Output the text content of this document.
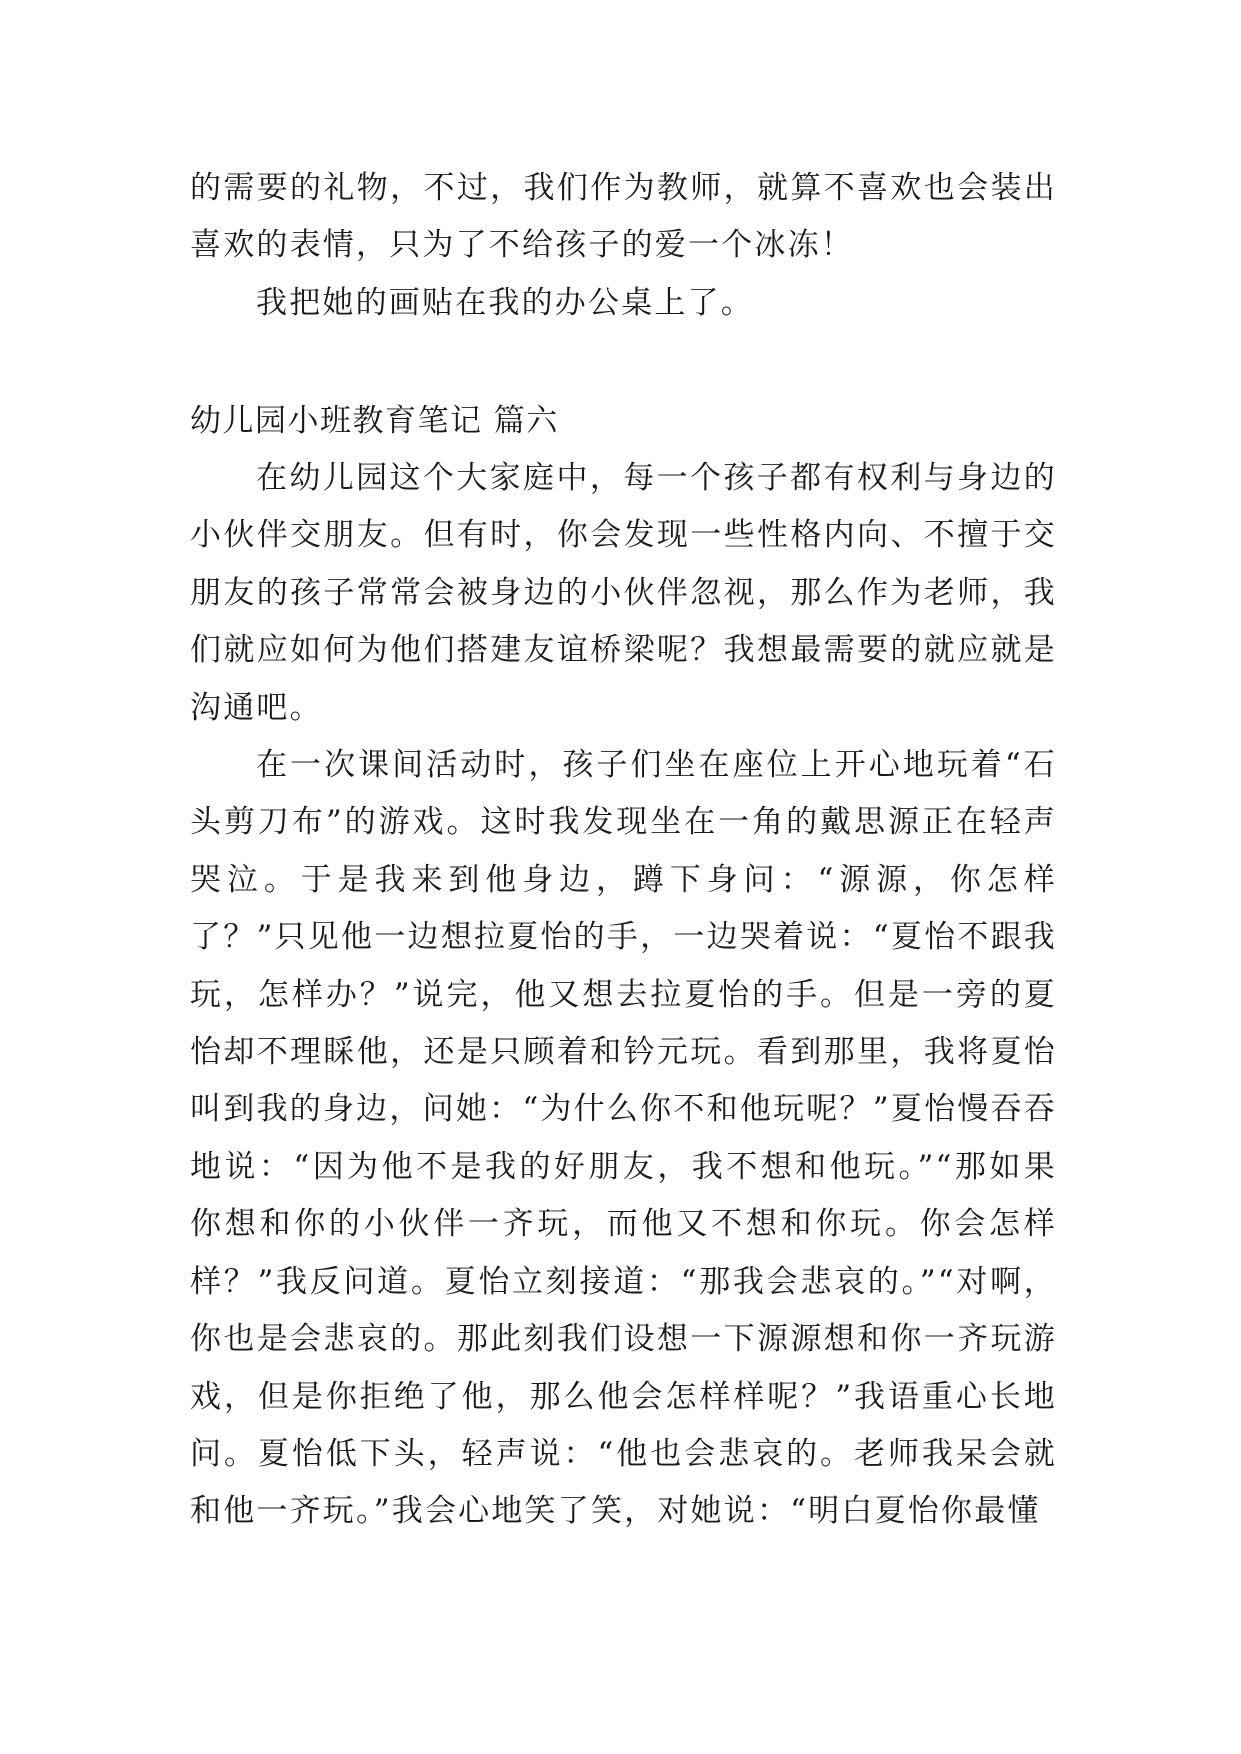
的需要的礼物，不过，我们作为教师，就算不喜欢也会装出喜欢的表情，只为了不给孩子的爱一个冰冻！

我把她的画贴在我的办公桌上了。

幼儿园小班教育笔记 篇六

在幼儿园这个大家庭中，每一个孩子都有权利与身边的小伙伴交朋友。但有时，你会发现一些性格内向、不擅于交朋友的孩子常常会被身边的小伙伴忽视，那么作为老师，我们就应如何为他们搭建友谊桥梁呢？我想最需要的就应就是沟通吧。

在一次课间活动时，孩子们坐在座位上开心地玩着“石头剪刀布”的游戏。这时我发现坐在一角的戴思源正在轻声哭泣。于是我来到他身边，蹲下身问：“源源，你怎样了？”只见他一边想拉夏怡的手，一边哭着说：“夏怡不跟我玩，怎样办？”说完，他又想去拉夏怡的手。但是一旁的夏怡却不理睬他，还是只顾着和钤元玩。看到那里，我将夏怡叫到我的身边，问她：“为什么你不和他玩呢？”夏怡慢吞吞地说：“因为他不是我的好朋友，我不想和他玩。”“那如果你想和你的小伙伴一齐玩，而他又不想和你玩。你会怎样样？”我反问道。夏怡立刻接道：“那我会悲哀的。”“对啊，你也是会悲哀的。那此刻我们设想一下源源想和你一齐玩游戏，但是你拒绝了他，那么他会怎样样呢？”我语重心长地问。夏怡低下头，轻声说：“他也会悲哀的。老师我呆会就和他一齐玩。”我会心地笑了笑，对她说：“明白夏怡你最懂
